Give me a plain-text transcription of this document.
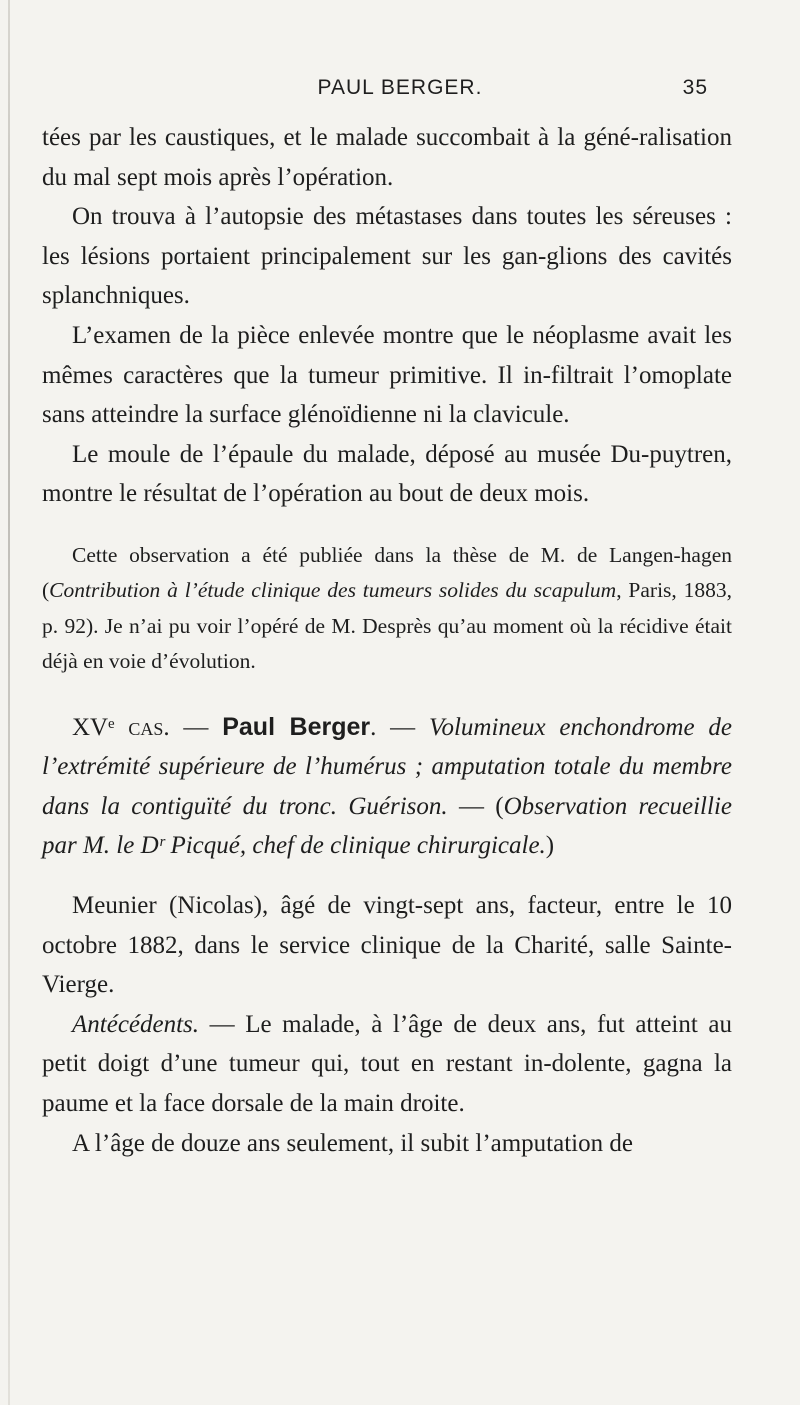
PAUL BERGER.	35

tées par les caustiques, et le malade succombait à la géné-ralisation du mal sept mois après l’opération.

On trouva à l’autopsie des métastases dans toutes les séreuses : les lésions portaient principalement sur les gan-glions des cavités splanchniques.

L’examen de la pièce enlevée montre que le néoplasme avait les mêmes caractères que la tumeur primitive. Il in-filtrait l’omoplate sans atteindre la surface glénoïdienne ni la clavicule.

Le moule de l’épaule du malade, déposé au musée Du-puytren, montre le résultat de l’opération au bout de deux mois.

Cette observation a été publiée dans la thèse de M. de Langen-hagen (Contribution à l’étude clinique des tumeurs solides du scapulum, Paris, 1883, p. 92). Je n’ai pu voir l’opéré de M. Desprès qu’au moment où la récidive était déjà en voie d’évolution.

XVᵉ cas. — Paul Berger. — Volumineux enchondrome de l’extrémité supérieure de l’humérus ; amputation totale du membre dans la contiguïté du tronc. Guérison. — (Observation recueillie par M. le Dʳ Picqué, chef de clinique chirurgicale.)

Meunier (Nicolas), âgé de vingt-sept ans, facteur, entre le 10 octobre 1882, dans le service clinique de la Charité, salle Sainte-Vierge.

Antécédents. — Le malade, à l’âge de deux ans, fut atteint au petit doigt d’une tumeur qui, tout en restant in-dolente, gagna la paume et la face dorsale de la main droite.

A l’âge de douze ans seulement, il subit l’amputation de
